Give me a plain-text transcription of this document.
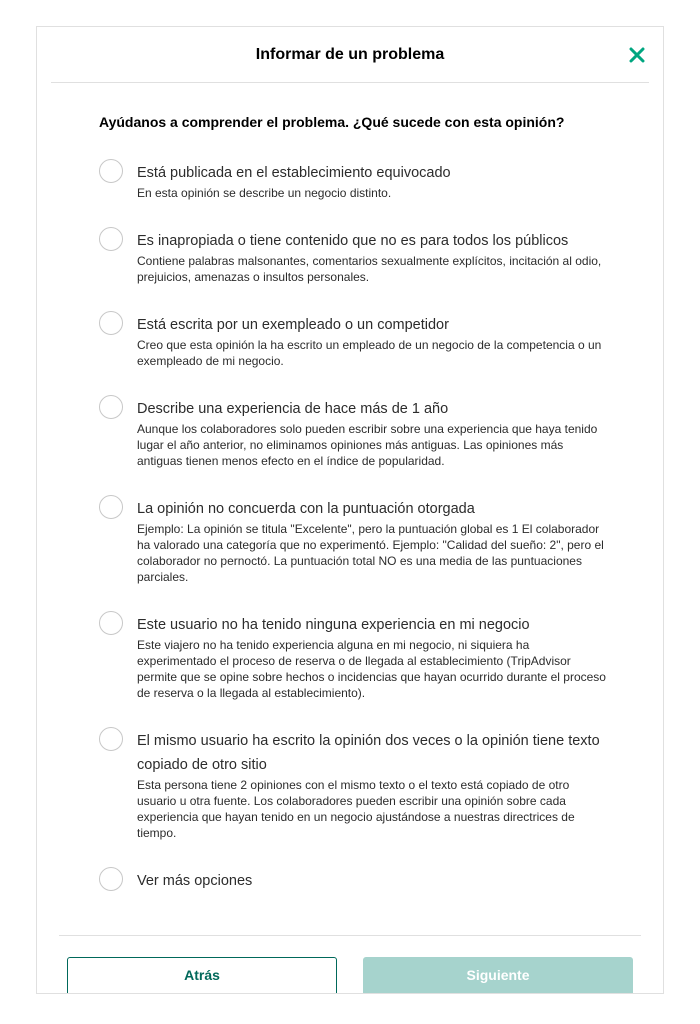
Informar de un problema
Ayúdanos a comprender el problema. ¿Qué sucede con esta opinión?
Está publicada en el establecimiento equivocado
En esta opinión se describe un negocio distinto.
Es inapropiada o tiene contenido que no es para todos los públicos
Contiene palabras malsonantes, comentarios sexualmente explícitos, incitación al odio, prejuicios, amenazas o insultos personales.
Está escrita por un exempleado o un competidor
Creo que esta opinión la ha escrito un empleado de un negocio de la competencia o un exempleado de mi negocio.
Describe una experiencia de hace más de 1 año
Aunque los colaboradores solo pueden escribir sobre una experiencia que haya tenido lugar el año anterior, no eliminamos opiniones más antiguas. Las opiniones más antiguas tienen menos efecto en el índice de popularidad.
La opinión no concuerda con la puntuación otorgada
Ejemplo: La opinión se titula "Excelente", pero la puntuación global es 1 El colaborador ha valorado una categoría que no experimentó. Ejemplo: "Calidad del sueño: 2", pero el colaborador no pernoctó. La puntuación total NO es una media de las puntuaciones parciales.
Este usuario no ha tenido ninguna experiencia en mi negocio
Este viajero no ha tenido experiencia alguna en mi negocio, ni siquiera ha experimentado el proceso de reserva o de llegada al establecimiento (TripAdvisor permite que se opine sobre hechos o incidencias que hayan ocurrido durante el proceso de reserva o la llegada al establecimiento).
El mismo usuario ha escrito la opinión dos veces o la opinión tiene texto copiado de otro sitio
Esta persona tiene 2 opiniones con el mismo texto o el texto está copiado de otro usuario u otra fuente. Los colaboradores pueden escribir una opinión sobre cada experiencia que hayan tenido en un negocio ajustándose a nuestras directrices de tiempo.
Ver más opciones
Atrás	Siguiente
